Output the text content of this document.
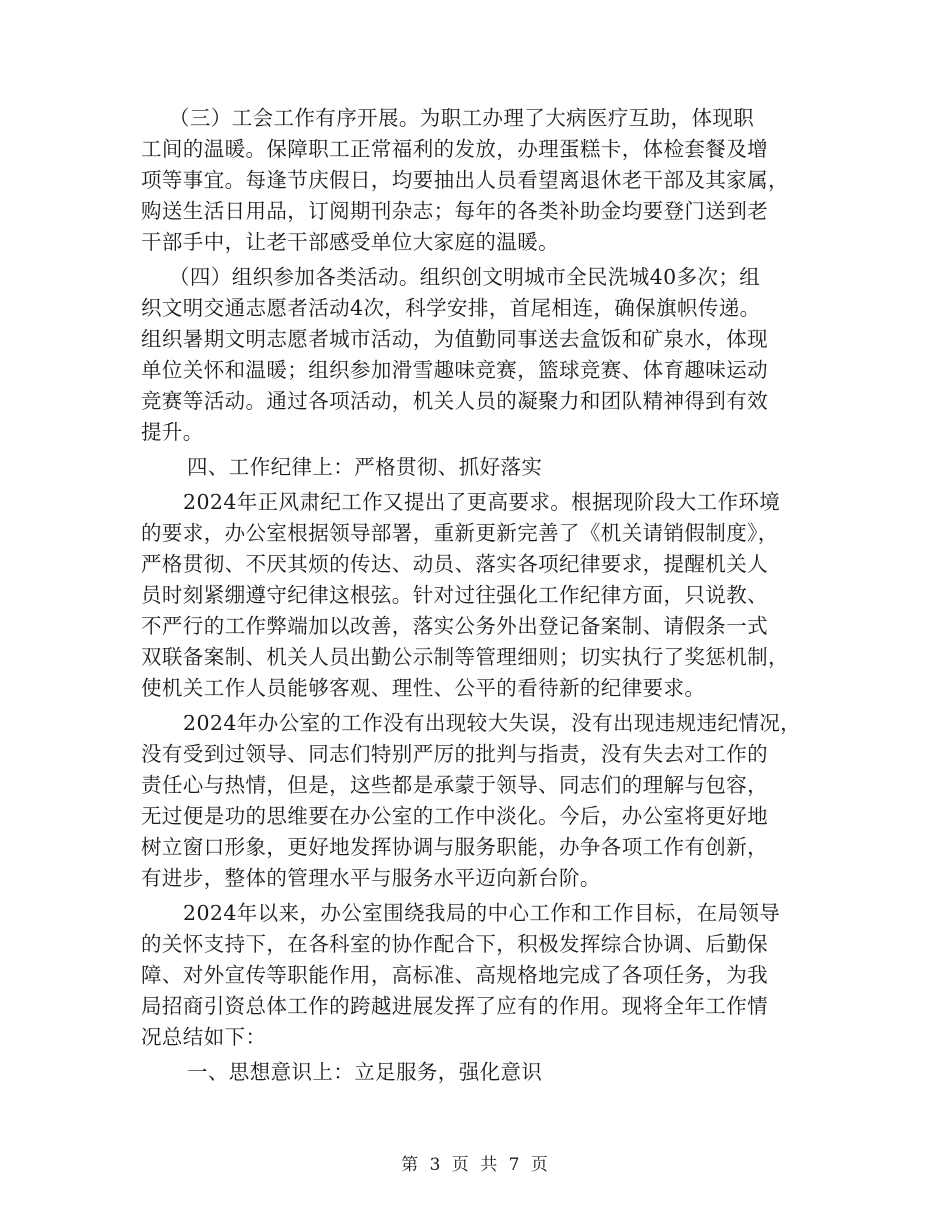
（三）工会工作有序开展。为职工办理了大病医疗互助，体现职
工间的温暖。保障职工正常福利的发放，办理蛋糕卡，体检套餐及增
项等事宜。每逢节庆假日，均要抽出人员看望离退休老干部及其家属，
购送生活日用品，订阅期刊杂志；每年的各类补助金均要登门送到老
干部手中，让老干部感受单位大家庭的温暖。
（四）组织参加各类活动。组织创文明城市全民洗城40多次；组
织文明交通志愿者活动4次，科学安排，首尾相连，确保旗帜传递。
组织暑期文明志愿者城市活动，为值勤同事送去盒饭和矿泉水，体现
单位关怀和温暖；组织参加滑雪趣味竞赛，篮球竞赛、体育趣味运动
竞赛等活动。通过各项活动，机关人员的凝聚力和团队精神得到有效
提升。
四、工作纪律上：严格贯彻、抓好落实
2024年正风肃纪工作又提出了更高要求。根据现阶段大工作环境
的要求，办公室根据领导部署，重新更新完善了《机关请销假制度》，
严格贯彻、不厌其烦的传达、动员、落实各项纪律要求，提醒机关人
员时刻紧绷遵守纪律这根弦。针对过往强化工作纪律方面，只说教、
不严行的工作弊端加以改善，落实公务外出登记备案制、请假条一式
双联备案制、机关人员出勤公示制等管理细则；切实执行了奖惩机制，
使机关工作人员能够客观、理性、公平的看待新的纪律要求。
2024年办公室的工作没有出现较大失误，没有出现违规违纪情况，
没有受到过领导、同志们特别严厉的批判与指责，没有失去对工作的
责任心与热情，但是，这些都是承蒙于领导、同志们的理解与包容，
无过便是功的思维要在办公室的工作中淡化。今后，办公室将更好地
树立窗口形象，更好地发挥协调与服务职能，办争各项工作有创新，
有进步，整体的管理水平与服务水平迈向新台阶。
2024年以来，办公室围绕我局的中心工作和工作目标，在局领导
的关怀支持下，在各科室的协作配合下，积极发挥综合协调、后勤保
障、对外宣传等职能作用，高标准、高规格地完成了各项任务，为我
局招商引资总体工作的跨越进展发挥了应有的作用。现将全年工作情
况总结如下：
一、思想意识上：立足服务，强化意识
第 3 页 共 7 页
